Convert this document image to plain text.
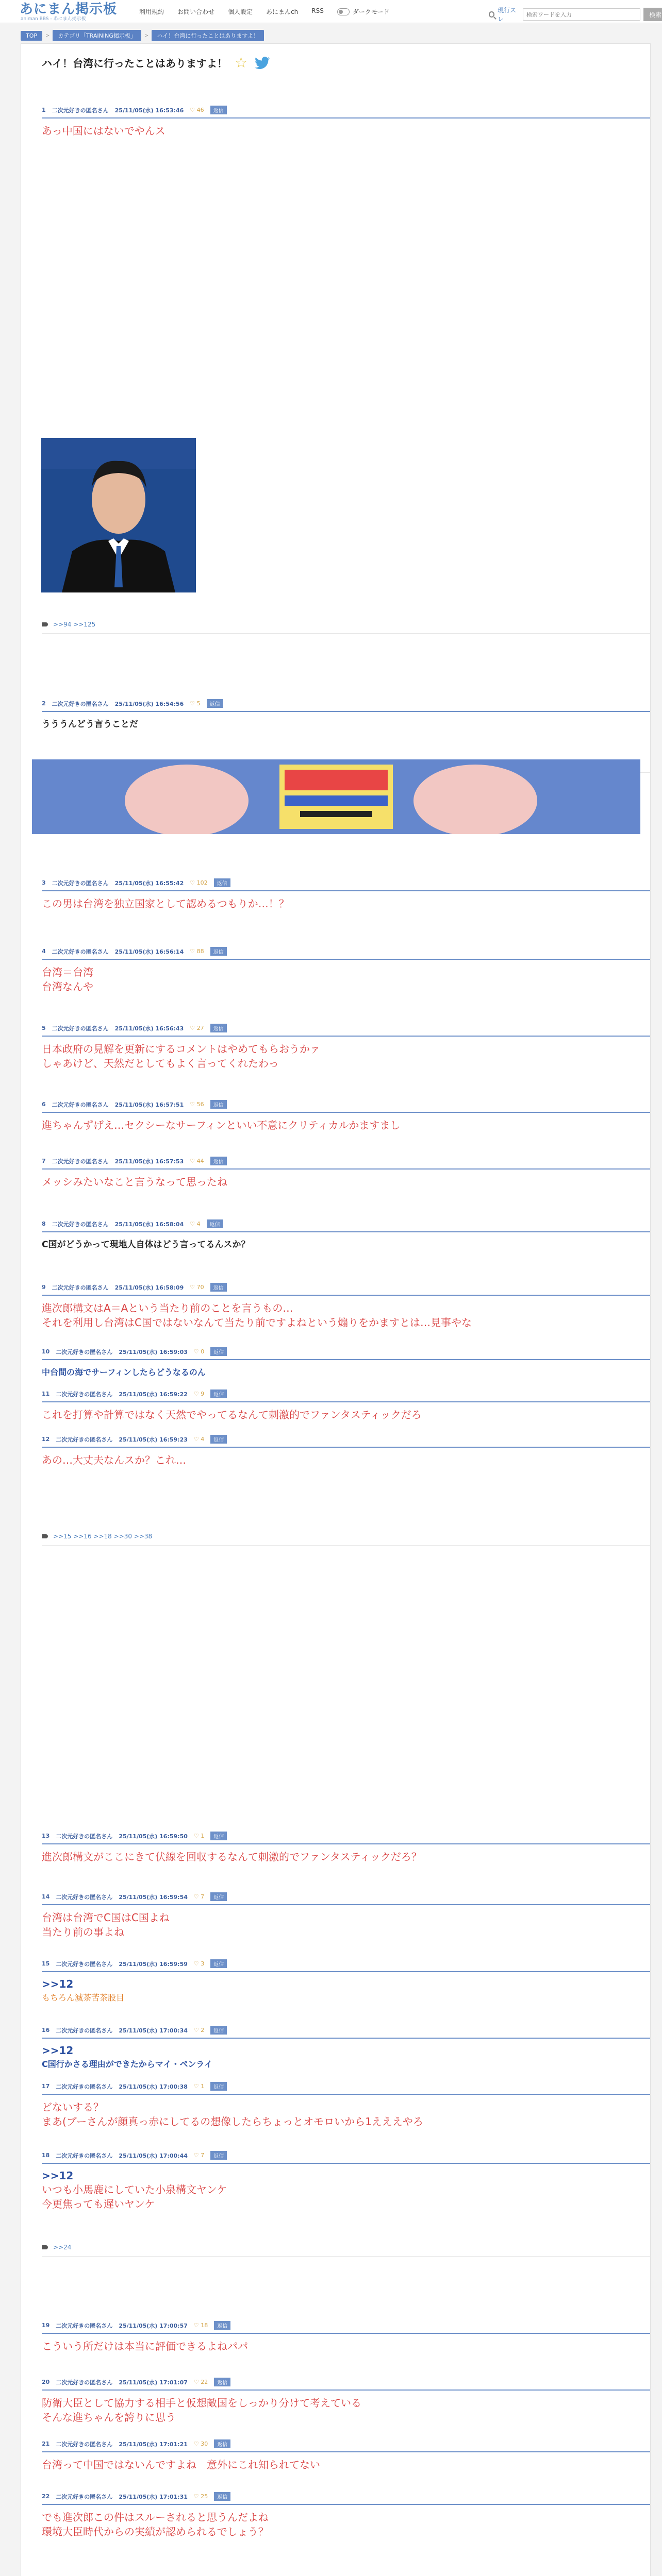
あにまん掲示板
animan BBS - あにまん掲示板
利用規約 お問い合わせ 個人設定 あにまんch RSS	ダークモード	現行スレ
検索ワードを入力
検索
TOP	>	カテゴリ「TRAINING掲示板」	>	ハイ！台湾に行ったことはありますよ！
ハイ！台湾に行ったことはありますよ！ ☆
1 二次元好きの匿名さん 25/11/05(水) 16:53:46 ♡ 46	返信
あっ中国にはないでやんス
>>94 >>125
2 二次元好きの匿名さん 25/11/05(水) 16:54:56 ♡ 5	返信
うううんどう言うことだ
3 二次元好きの匿名さん 25/11/05(水) 16:55:42 ♡ 102	返信
この男は台湾を独立国家として認めるつもりか…！？
4 二次元好きの匿名さん 25/11/05(水) 16:56:14 ♡ 88	返信
台湾＝台湾
台湾なんや
5 二次元好きの匿名さん 25/11/05(水) 16:56:43 ♡ 27	返信
日本政府の見解を更新にするコメントはやめてもらおうかァ
しゃあけど、天然だとしてもよく言ってくれたわっ
6 二次元好きの匿名さん 25/11/05(水) 16:57:51 ♡ 56	返信
進ちゃんずげえ…セクシーなサーフィンといい不意にクリティカルかますまし
7 二次元好きの匿名さん 25/11/05(水) 16:57:53 ♡ 44	返信
メッシみたいなこと言うなって思ったね
8 二次元好きの匿名さん 25/11/05(水) 16:58:04 ♡ 4	返信
C国がどうかって現地人自体はどう言ってるんスか？
9 二次元好きの匿名さん 25/11/05(水) 16:58:09 ♡ 70	返信
進次郎構文はA＝Aという当たり前のことを言うもの…
それを利用し台湾はC国ではないなんて当たり前ですよねという煽りをかますとは…見事やな
10 二次元好きの匿名さん 25/11/05(水) 16:59:03 ♡ 0	返信
中台間の海でサーフィンしたらどうなるのん
11 二次元好きの匿名さん 25/11/05(水) 16:59:22 ♡ 9	返信
これを打算や計算ではなく天然でやってるなんて刺激的でファンタスティックだろ
12 二次元好きの匿名さん 25/11/05(水) 16:59:23 ♡ 4	返信
あの…大丈夫なんスか？これ…
>>15 >>16 >>18 >>30 >>38
13 二次元好きの匿名さん 25/11/05(水) 16:59:50 ♡ 1	返信
進次郎構文がここにきて伏線を回収するなんて刺激的でファンタスティックだろ？
14 二次元好きの匿名さん 25/11/05(水) 16:59:54 ♡ 7	返信
台湾は台湾でC国はC国よね
当たり前の事よね
15 二次元好きの匿名さん 25/11/05(水) 16:59:59 ♡ 3	返信
>>12
もちろん滅茶苦茶股目
16 二次元好きの匿名さん 25/11/05(水) 17:00:34 ♡ 2	返信
>>12
C国行かさる理由ができたからマイ・ペンライ
17 二次元好きの匿名さん 25/11/05(水) 17:00:38 ♡ 1	返信
どないする？
まあ(ブーさんが顔真っ赤にしてるの想像したらちょっとオモロいから1えええやろ
18 二次元好きの匿名さん 25/11/05(水) 17:00:44 ♡ 7	返信
>>12
いつも小馬鹿にしていた小泉構文ヤンケ
今更焦っても遅いヤンケ
>>24
19 二次元好きの匿名さん 25/11/05(水) 17:00:57 ♡ 18	返信
こういう所だけは本当に評価できるよねパパ
20 二次元好きの匿名さん 25/11/05(水) 17:01:07 ♡ 22	返信
防衛大臣として協力する相手と仮想敵国をしっかり分けて考えている
そんな進ちゃんを誇りに思う
21 二次元好きの匿名さん 25/11/05(水) 17:01:21 ♡ 30	返信
台湾って中国ではないんですよね　意外にこれ知られてない
22 二次元好きの匿名さん 25/11/05(水) 17:01:31 ♡ 25	返信
でも進次郎この件はスルーされると思うんだよね
環境大臣時代からの実績が認められるでしょう？
